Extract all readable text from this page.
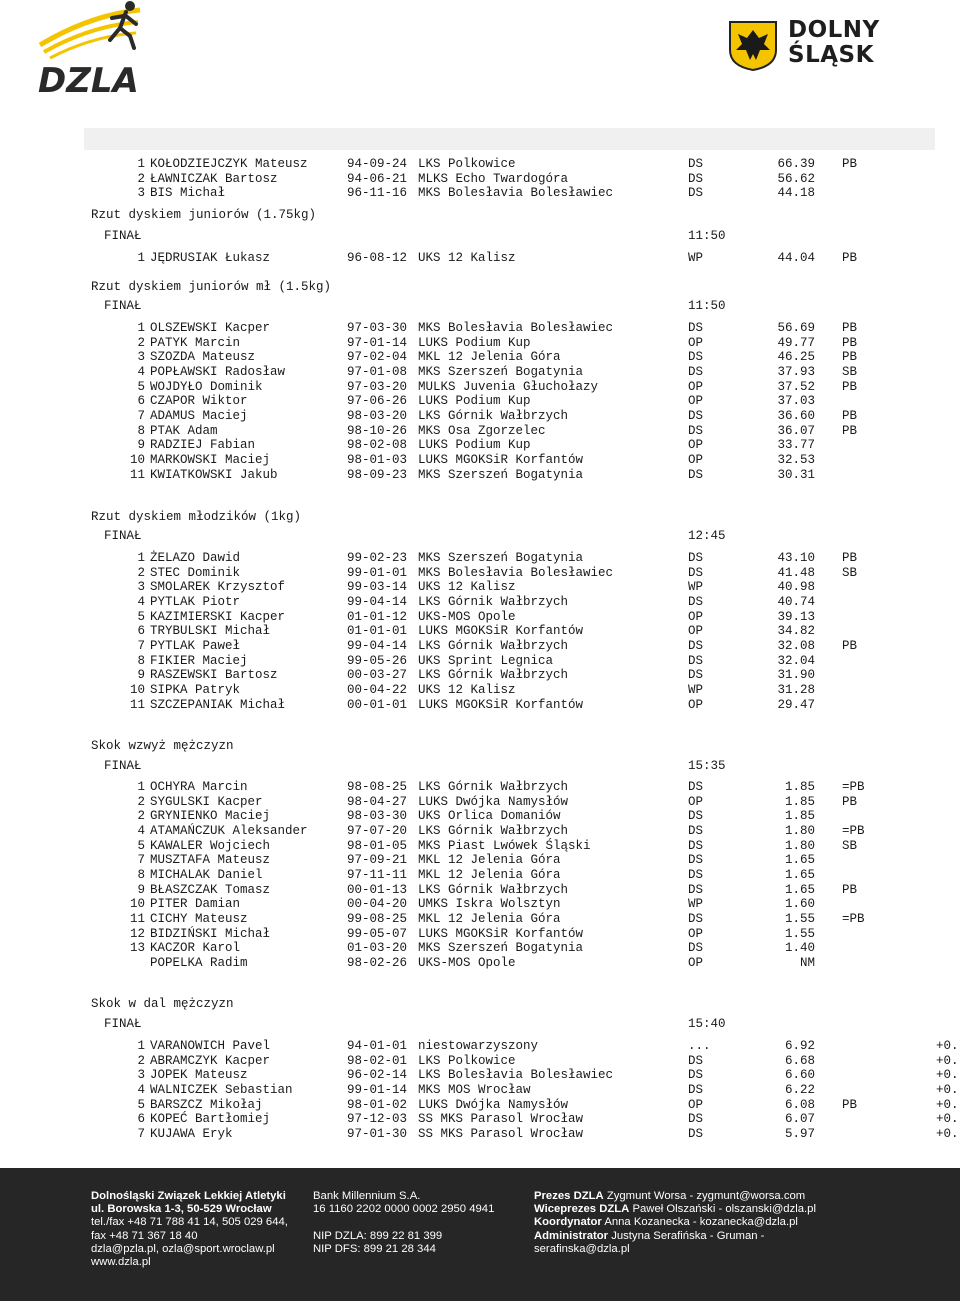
DZLA
DOLNY
ŚLĄSK
1 KOŁODZIEJCZYK Mateusz	94-09-24 LKS Polkowice	DS	66.39 PB
2 ŁAWNICZAK Bartosz	94-06-21 MLKS Echo Twardogóra	DS	56.62
3 BIS Michał	96-11-16 MKS Bolesłavia Bolesławiec	DS	44.18
Rzut dyskiem juniorów (1.75kg)
FINAŁ	11:50
1 JĘDRUSIAK Łukasz	96-08-12 UKS 12 Kalisz	WP	44.04 PB
Rzut dyskiem juniorów mł (1.5kg)
FINAŁ	11:50
1 OLSZEWSKI Kacper	97-03-30 MKS Bolesłavia Bolesławiec	DS	56.69 PB
2 PATYK Marcin	97-01-14 LUKS Podium Kup	OP	49.77 PB
3 SZOZDA Mateusz	97-02-04 MKL 12 Jelenia Góra	DS	46.25 PB
4 POPŁAWSKI Radosław	97-01-08 MKS Szerszeń Bogatynia	DS	37.93 SB
5 WOJDYŁO Dominik	97-03-20 MULKS Juvenia Głuchołazy	OP	37.52 PB
6 CZAPOR Wiktor	97-06-26 LUKS Podium Kup	OP	37.03
7 ADAMUS Maciej	98-03-20 LKS Górnik Wałbrzych	DS	36.60 PB
8 PTAK Adam	98-10-26 MKS Osa Zgorzelec	DS	36.07 PB
9 RADZIEJ Fabian	98-02-08 LUKS Podium Kup	OP	33.77
10 MARKOWSKI Maciej	98-01-03 LUKS MGOKSiR Korfantów	OP	32.53
11 KWIATKOWSKI Jakub	98-09-23 MKS Szerszeń Bogatynia	DS	30.31
Rzut dyskiem młodzików (1kg)
FINAŁ	12:45
1 ŻELAZO Dawid	99-02-23 MKS Szerszeń Bogatynia	DS	43.10 PB
2 STEC Dominik	99-01-01 MKS Bolesłavia Bolesławiec	DS	41.48 SB
3 SMOLAREK Krzysztof	99-03-14 UKS 12 Kalisz	WP	40.98
4 PYTLAK Piotr	99-04-14 LKS Górnik Wałbrzych	DS	40.74
5 KAZIMIERSKI Kacper	01-01-12 UKS-MOS Opole	OP	39.13
6 TRYBULSKI Michał	01-01-01 LUKS MGOKSiR Korfantów	OP	34.82
7 PYTLAK Paweł	99-04-14 LKS Górnik Wałbrzych	DS	32.08 PB
8 FIKIER Maciej	99-05-26 UKS Sprint Legnica	DS	32.04
9 RASZEWSKI Bartosz	00-03-27 LKS Górnik Wałbrzych	DS	31.90
10 SIPKA Patryk	00-04-22 UKS 12 Kalisz	WP	31.28
11 SZCZEPANIAK Michał	00-01-01 LUKS MGOKSiR Korfantów	OP	29.47
Skok wzwyż mężczyzn
FINAŁ	15:35
1 OCHYRA Marcin	98-08-25 LKS Górnik Wałbrzych	DS	1.85 =PB
2 SYGULSKI Kacper	98-04-27 LUKS Dwójka Namysłów	OP	1.85 PB
2 GRYNIENKO Maciej	98-03-30 UKS Orlica Domaniów	DS	1.85
4 ATAMAŃCZUK Aleksander	97-07-20 LKS Górnik Wałbrzych	DS	1.80 =PB
5 KAWALER Wojciech	98-01-05 MKS Piast Lwówek Śląski	DS	1.80 SB
7 MUSZTAFA Mateusz	97-09-21 MKL 12 Jelenia Góra	DS	1.65
8 MICHALAK Daniel	97-11-11 MKL 12 Jelenia Góra	DS	1.65
9 BŁASZCZAK Tomasz	00-01-13 LKS Górnik Wałbrzych	DS	1.65 PB
10 PITER Damian	00-04-20 UMKS Iskra Wolsztyn	WP	1.60
11 CICHY Mateusz	99-08-25 MKL 12 Jelenia Góra	DS	1.55 =PB
12 BIDZIŃSKI Michał	99-05-07 LUKS MGOKSiR Korfantów	OP	1.55
13 KACZOR Karol	01-03-20 MKS Szerszeń Bogatynia	DS	1.40
POPELKA Radim	98-02-26 UKS-MOS Opole	OP	NM
Skok w dal mężczyzn
FINAŁ	15:40
1 VARANOWICH Pavel	94-01-01 niestowarzyszony	...	6.92	+0.
2 ABRAMCZYK Kacper	98-02-01 LKS Polkowice	DS	6.68	+0.
3 JOPEK Mateusz	96-02-14 LKS Bolesłavia Bolesławiec	DS	6.60	+0.
4 WALNICZEK Sebastian	99-01-14 MKS MOS Wrocław	DS	6.22	+0.
5 BARSZCZ Mikołaj	98-01-02 LUKS Dwójka Namysłów	OP	6.08 PB	+0.
6 KOPEĆ Bartłomiej	97-12-03 SS MKS Parasol Wrocław	DS	6.07	+0.
7 KUJAWA Eryk	97-01-30 SS MKS Parasol Wrocław	DS	5.97	+0.
Dolnośląski Związek Lekkiej Atletyki
ul. Borowska 1-3, 50-529 Wrocław
tel./fax +48 71 788 41 14, 505 029 644,
fax +48 71 367 18 40
dzla@pzla.pl, ozla@sport.wroclaw.pl
www.dzla.pl
Bank Millennium S.A.
16 1160 2202 0000 0002 2950 4941
NIP DZLA: 899 22 81 399
NIP DFS: 899 21 28 344
Prezes DZLA Zygmunt Worsa - zygmunt@worsa.com
Wiceprezes DZLA Paweł Olszański - olszanski@dzla.pl
Koordynator Anna Kozanecka - kozanecka@dzla.pl
Administrator Justyna Serafińska - Gruman -
serafinska@dzla.pl
